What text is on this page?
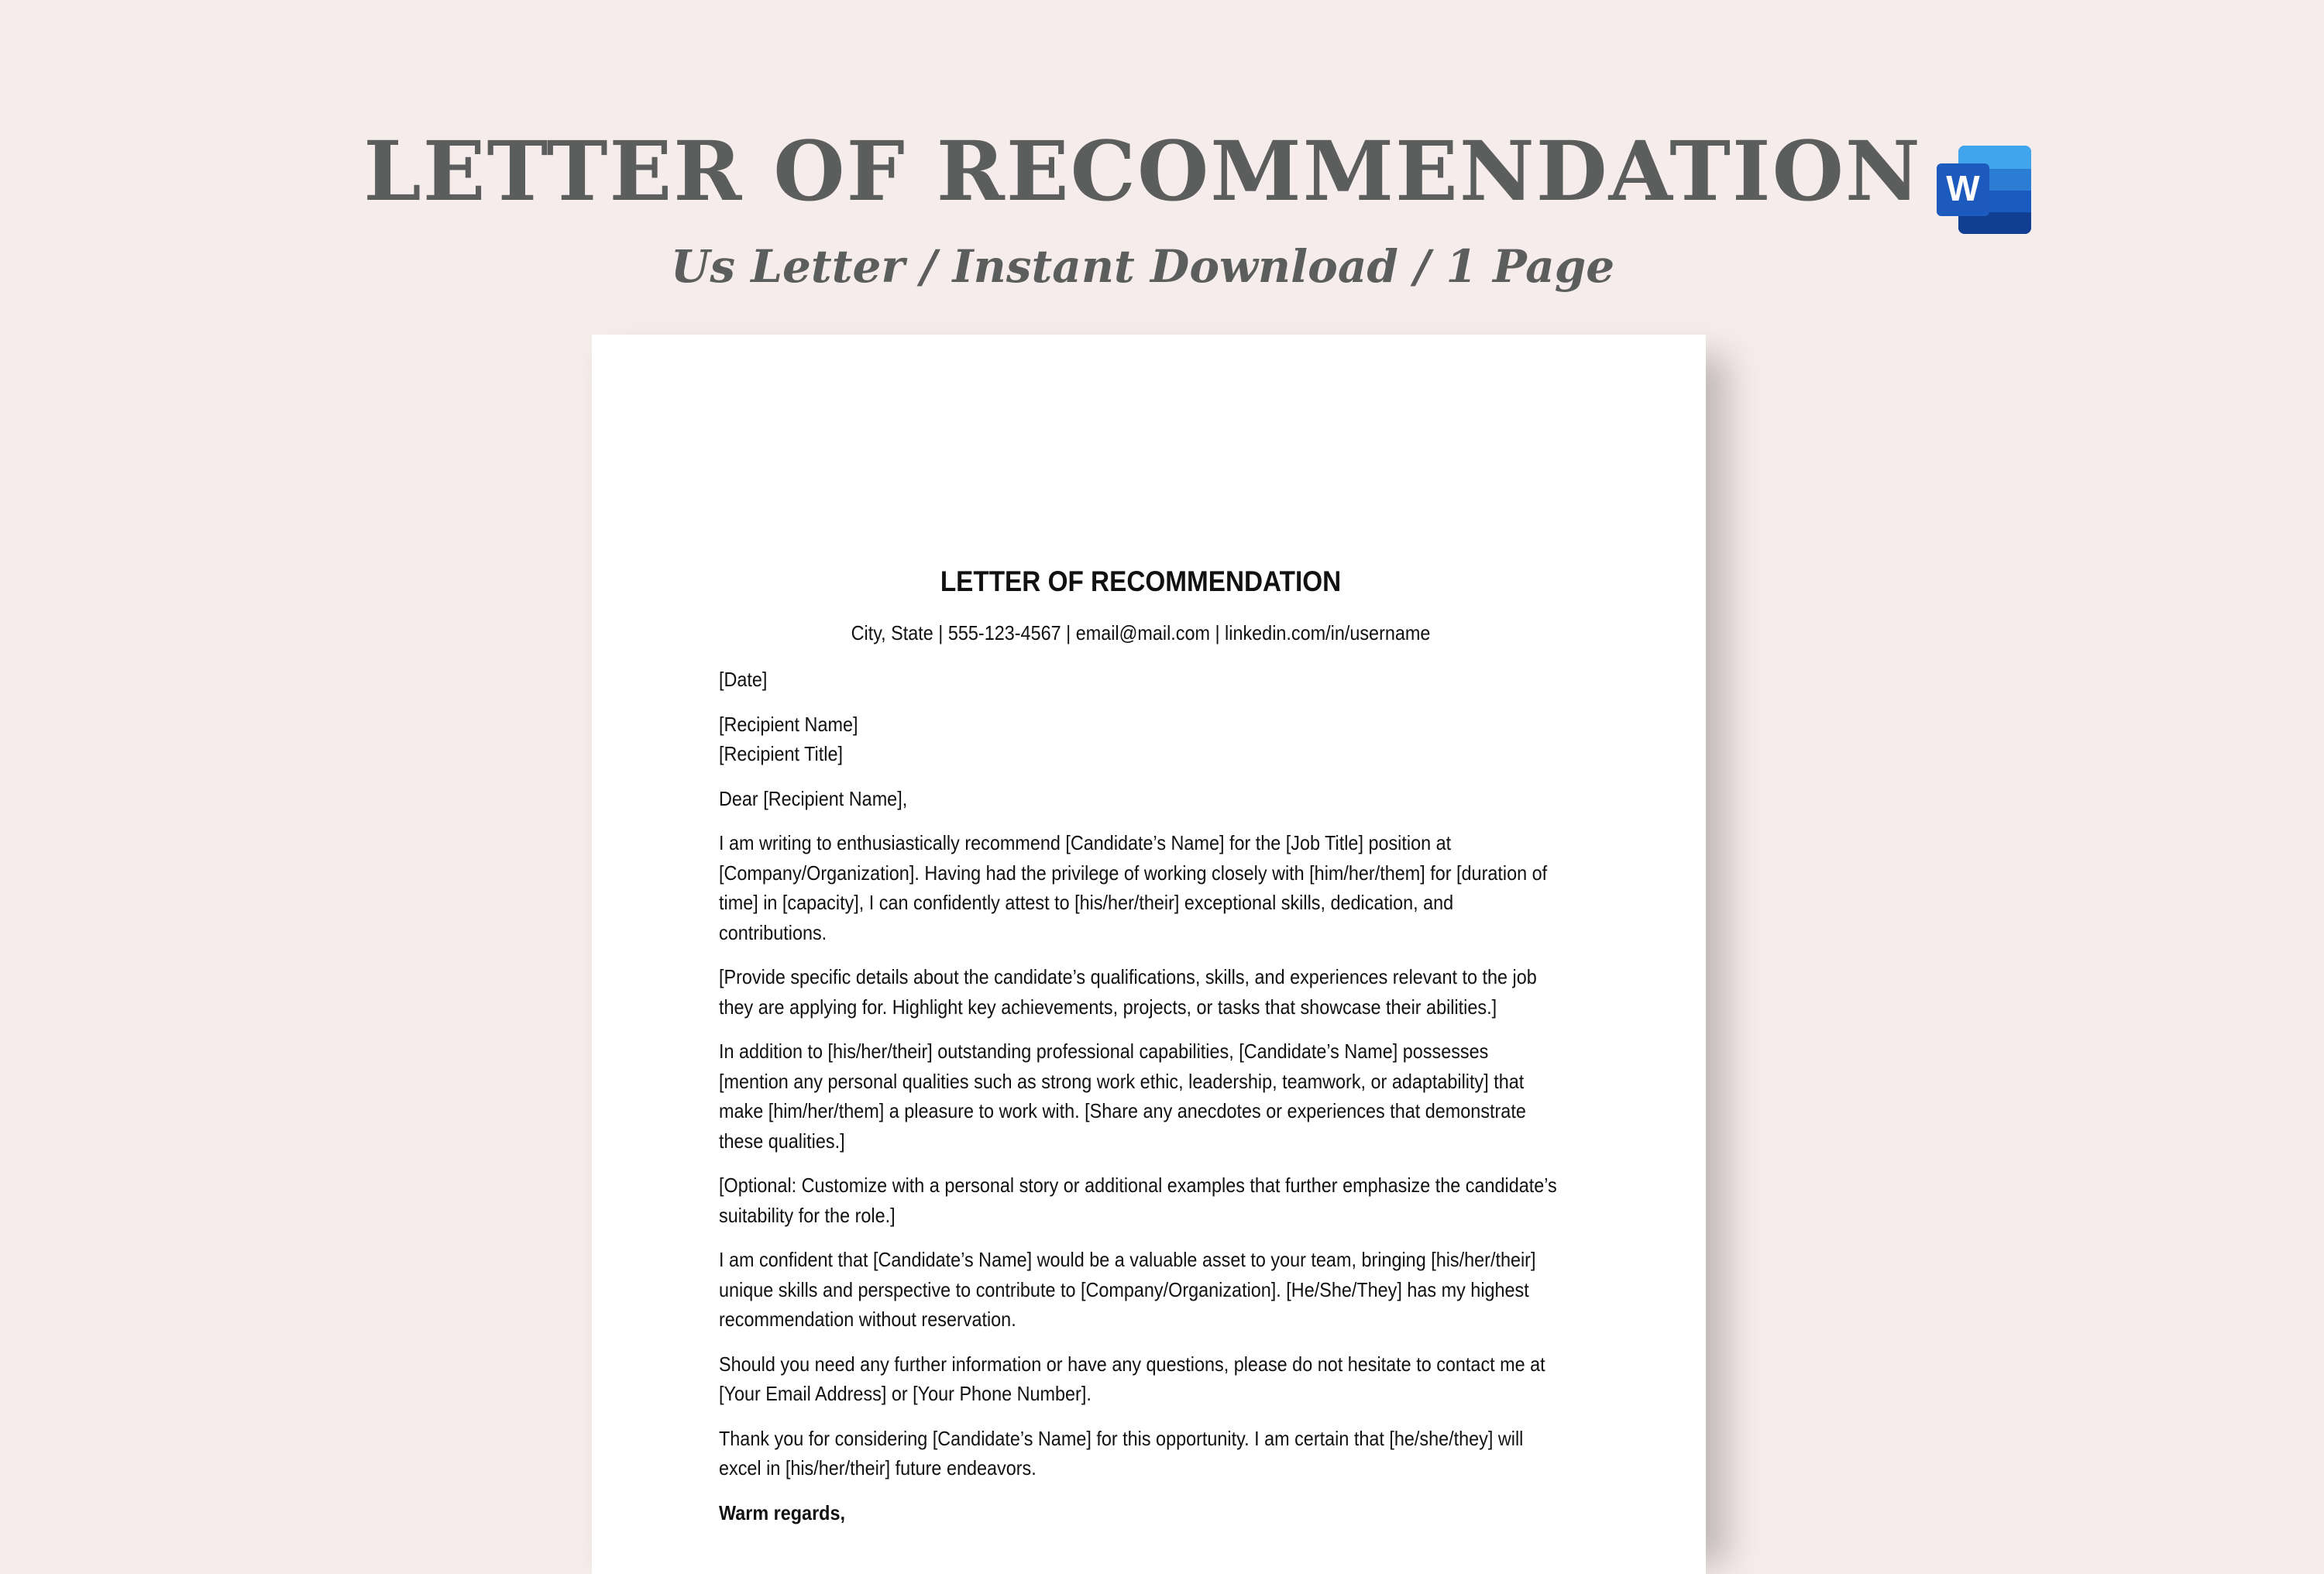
LETTER OF RECOMMENDATION
Us Letter / Instant Download / 1 Page
W
LETTER OF RECOMMENDATION

City, State | 555-123-4567 | email@mail.com | linkedin.com/in/username

[Date]

[Recipient Name]
[Recipient Title]

Dear [Recipient Name],

I am writing to enthusiastically recommend [Candidate’s Name] for the [Job Title] position at [Company/Organization]. Having had the privilege of working closely with [him/her/them] for [duration of time] in [capacity], I can confidently attest to [his/her/their] exceptional skills, dedication, and contributions.

[Provide specific details about the candidate’s qualifications, skills, and experiences relevant to the job they are applying for. Highlight key achievements, projects, or tasks that showcase their abilities.]

In addition to [his/her/their] outstanding professional capabilities, [Candidate’s Name] possesses [mention any personal qualities such as strong work ethic, leadership, teamwork, or adaptability] that make [him/her/them] a pleasure to work with. [Share any anecdotes or experiences that demonstrate these qualities.]

[Optional: Customize with a personal story or additional examples that further emphasize the candidate’s suitability for the role.]

I am confident that [Candidate’s Name] would be a valuable asset to your team, bringing [his/her/their] unique skills and perspective to contribute to [Company/Organization]. [He/She/They] has my highest recommendation without reservation.

Should you need any further information or have any questions, please do not hesitate to contact me at [Your Email Address] or [Your Phone Number].

Thank you for considering [Candidate’s Name] for this opportunity. I am certain that [he/she/they] will excel in [his/her/their] future endeavors.

Warm regards,
